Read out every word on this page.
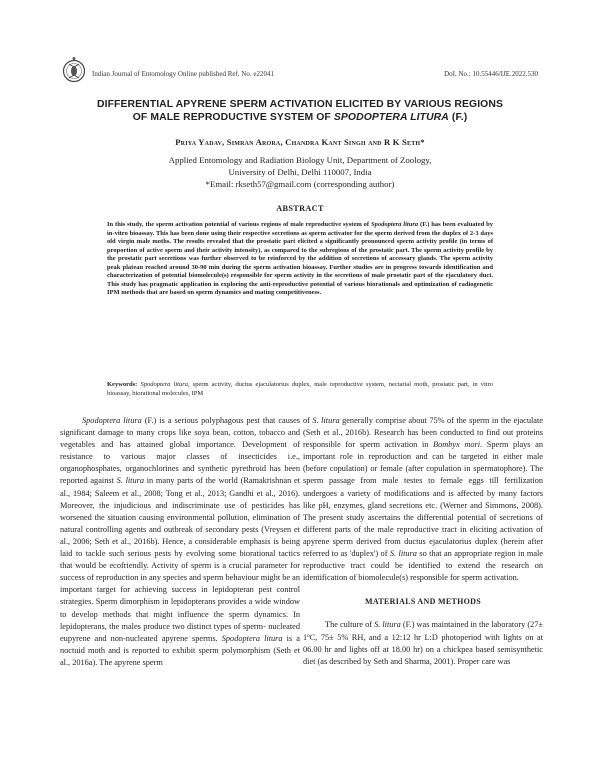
Indian Journal of Entomology Online published Ref. No. e22041	DoI. No.: 10.55446/IJE.2022.530
DIFFERENTIAL APYRENE SPERM ACTIVATION ELICITED BY VARIOUS REGIONS
OF MALE REPRODUCTIVE SYSTEM OF SPODOPTERA LITURA (F.)
Priya Yadav, Simran Arora, Chandra Kant Singh and R K Seth*
Applied Entomology and Radiation Biology Unit, Department of Zoology,
University of Delhi, Delhi 110007, India
*Email: rkseth57@gmail.com (corresponding author)
ABSTRACT
In this study, the sperm activation potential of various regions of male reproductive system of Spodoptera litura (F.) has been evaluated by in-vitro bioassay. This has been done using their respective secretions as sperm activator for the sperm derived from the duplex of 2-3 days old virgin male moths. The results revealed that the prostatic part elicited a significantly pronounced sperm activity profile (in terms of proportion of active sperm and their activity intensity), as compared to the subregions of the prostatic part. The sperm activity profile by the prostatic part secretions was further observed to be reinforced by the addition of secretions of accessary glands. The sperm activity peak plateau reached around 30-90 min during the sperm activation bioassay. Further studies are in progress towards identification and characterization of potential biomolecule(s) responsible for sperm activity in the secretions of male prostatic part of the ejaculatory duct. This study has pragmatic application in exploring the anti-reproductive potential of various biorationals and optimization of radiogenetic IPM methods that are based on sperm dynamics and mating competitiveness.
Keywords: Spodoptera litura, sperm activity, ductus ejaculatorius duplex, male reproductive system, nectarial moth, prostatic part, in vitro bioassay, biorational molecules, IPM

Spodoptera litura (F.) is a serious polyphagous pest that causes significant damage to many crops like soya bean, cotton, tobacco and vegetables and has attained global importance. Development of resistance to various major classes of insecticides i.e., organophosphates, organochlorines and synthetic pyrethroid has been reported against S. litura in many parts of the world (Ramakrishnan et al., 1984; Saleem et al., 2008; Tong et al., 2013; Gandhi et al., 2016). Moreover, the injudicious and indiscriminate use of pesticides has worsened the situation causing environmental pollution, elimination of natural controlling agents and outbreak of secondary pests (Vreysen et al., 2006; Seth et al., 2016b). Hence, a considerable emphasis is being laid to tackle such serious pests by evolving some biorational tactics that would be ecofriendly. Activity of sperm is a crucial parameter for success of reproduction in any species and sperm behaviour might be an important target for achieving success in lepidopteran pest control strategies. Sperm dimorphism in lepidopterans provides a wide window to develop methods that might influence the sperm dynamics. In lepidopterans, the males produce two distinct types of sperm- nucleated eupyrene and non-nucleated apyrene sperms. Spodoptera litura is a noctuid moth and is reported to exhibit sperm polymorphism (Seth et al., 2016a). The apyrene sperm

of S. litura generally comprise about 75% of the sperm in the ejaculate (Seth et al., 2016b). Research has been conducted to find out proteins responsible for sperm activation in Bombyx mori. Sperm plays an important role in reproduction and can be targeted in either male (before copulation) or female (after copulation in spermatophore). The sperm passage from male testes to female eggs till fertilization undergoes a variety of modifications and is affected by many factors like pH, enzymes, gland secretions etc. (Werner and Simmons, 2008). The present study ascertains the differential potential of secretions of different parts of the male reproductive tract in eliciting activation of apyrene sperm derived from ductus ejaculatorius duplex (herein after referred to as 'duplex') of S. litura so that an appropriate region in male reproductive tract could be identified to extend the research on identification of biomolecule(s) responsible for sperm activation.

MATERIALS AND METHODS

The culture of S. litura (F.) was maintained in the laboratory (27± 1ºC, 75± 5% RH, and a 12:12 hr L:D photoperiod with lights on at 06.00 hr and lights off at 18.00 hr) on a chickpea based semisynthetic diet (as described by Seth and Sharma, 2001). Proper care was
